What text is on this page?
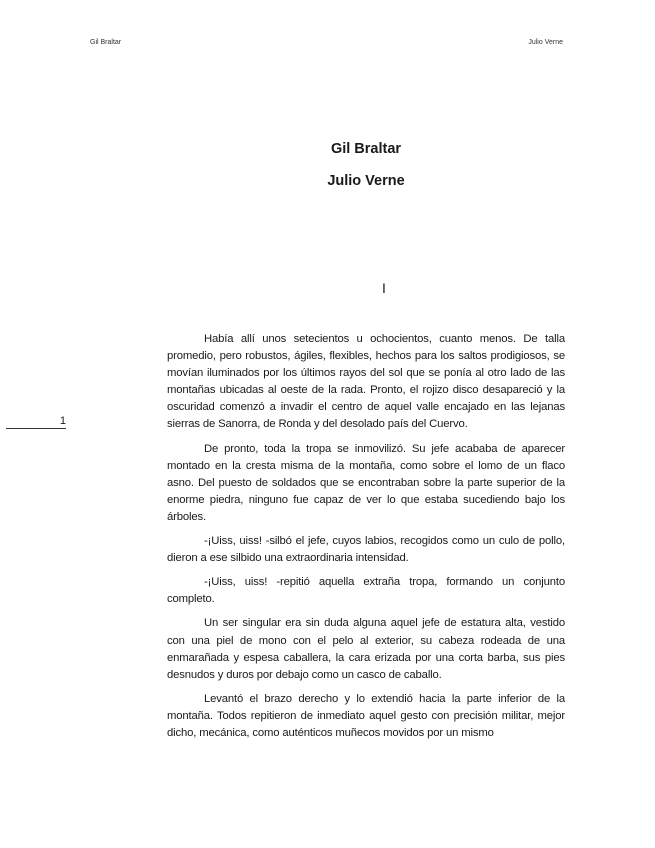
Gil Braltar	Julio Verne
Gil Braltar
Julio Verne
I
1

Había allí unos setecientos u ochocientos, cuanto menos. De talla promedio, pero robustos, ágiles, flexibles, hechos para los saltos prodigiosos, se movían iluminados por los últimos rayos del sol que se ponía al otro lado de las montañas ubicadas al oeste de la rada. Pronto, el rojizo disco desapareció y la oscuridad comenzó a invadir el centro de aquel valle encajado en las lejanas sierras de Sanorra, de Ronda y del desolado país del Cuervo.

De pronto, toda la tropa se inmovilizó. Su jefe acababa de aparecer montado en la cresta misma de la montaña, como sobre el lomo de un flaco asno. Del puesto de soldados que se encontraban sobre la parte superior de la enorme piedra, ninguno fue capaz de ver lo que estaba sucediendo bajo los árboles.

-¡Uiss, uiss! -silbó el jefe, cuyos labios, recogidos como un culo de pollo, dieron a ese silbido una extraordinaria intensidad.

-¡Uiss, uiss! -repitió aquella extraña tropa, formando un conjunto completo.

Un ser singular era sin duda alguna aquel jefe de estatura alta, vestido con una piel de mono con el pelo al exterior, su cabeza rodeada de una enmarañada y espesa caballera, la cara erizada por una corta barba, sus pies desnudos y duros por debajo como un casco de caballo.

Levantó el brazo derecho y lo extendió hacia la parte inferior de la montaña. Todos repitieron de inmediato aquel gesto con precisión militar, mejor dicho, mecánica, como auténticos muñecos movidos por un mismo
